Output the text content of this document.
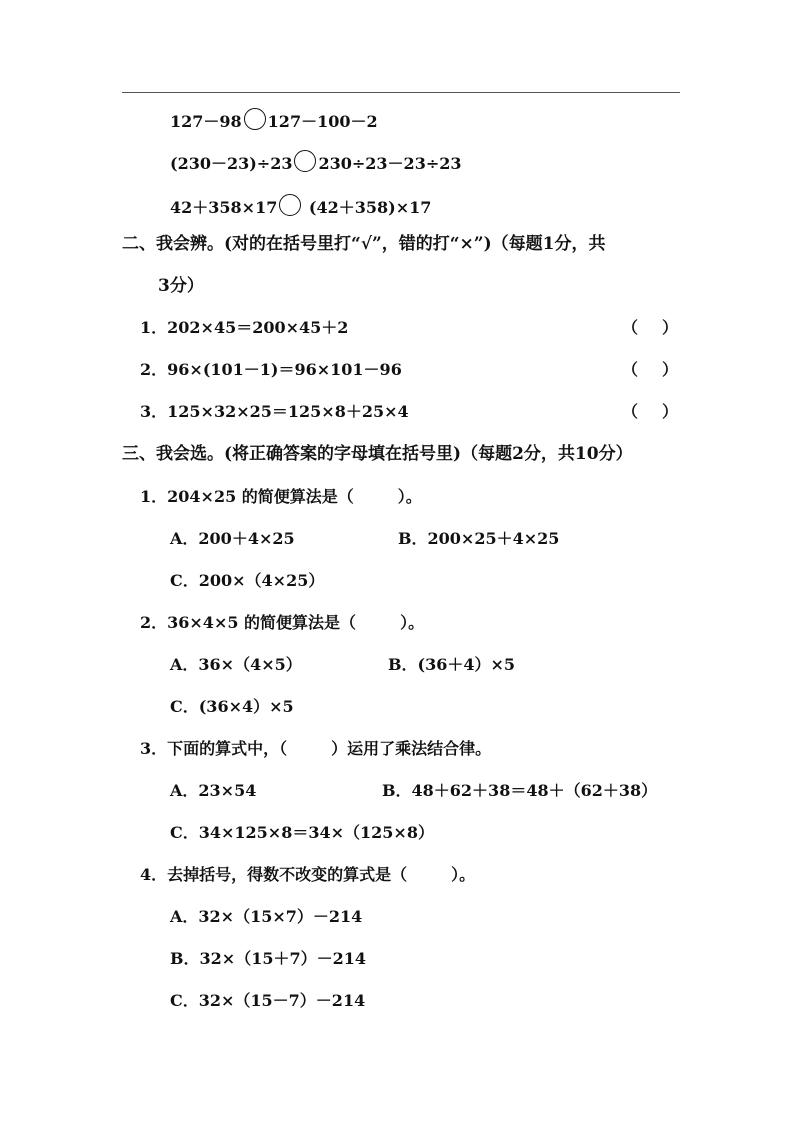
127－98 127－100－2
(230－23)÷23 230÷23－23÷23
42＋358×17 (42＋358)×17
二、我会辨。(对的在括号里打“√”，错的打“×”)（每题1分，共
3分）
1．202×45＝200×45＋2	（ ）
2．96×(101－1)＝96×101－96	（ ）
3．125×32×25＝125×8＋25×4	（ ）
三、我会选。(将正确答案的字母填在括号里)（每题2分，共10分）
1．204×25 的简便算法是（	）。
A．200＋4×25	B．200×25＋4×25
C．200×（4×25）
2．36×4×5 的简便算法是（	）。
A．36×（4×5）	B．(36＋4）×5
C．(36×4）×5
3．下面的算式中，（	）运用了乘法结合律。
A．23×54	B．48＋62＋38＝48＋（62＋38）
C．34×125×8＝34×（125×8）
4．去掉括号，得数不改变的算式是（	）。
A．32×（15×7）－214
B．32×（15＋7）－214
C．32×（15－7）－214
